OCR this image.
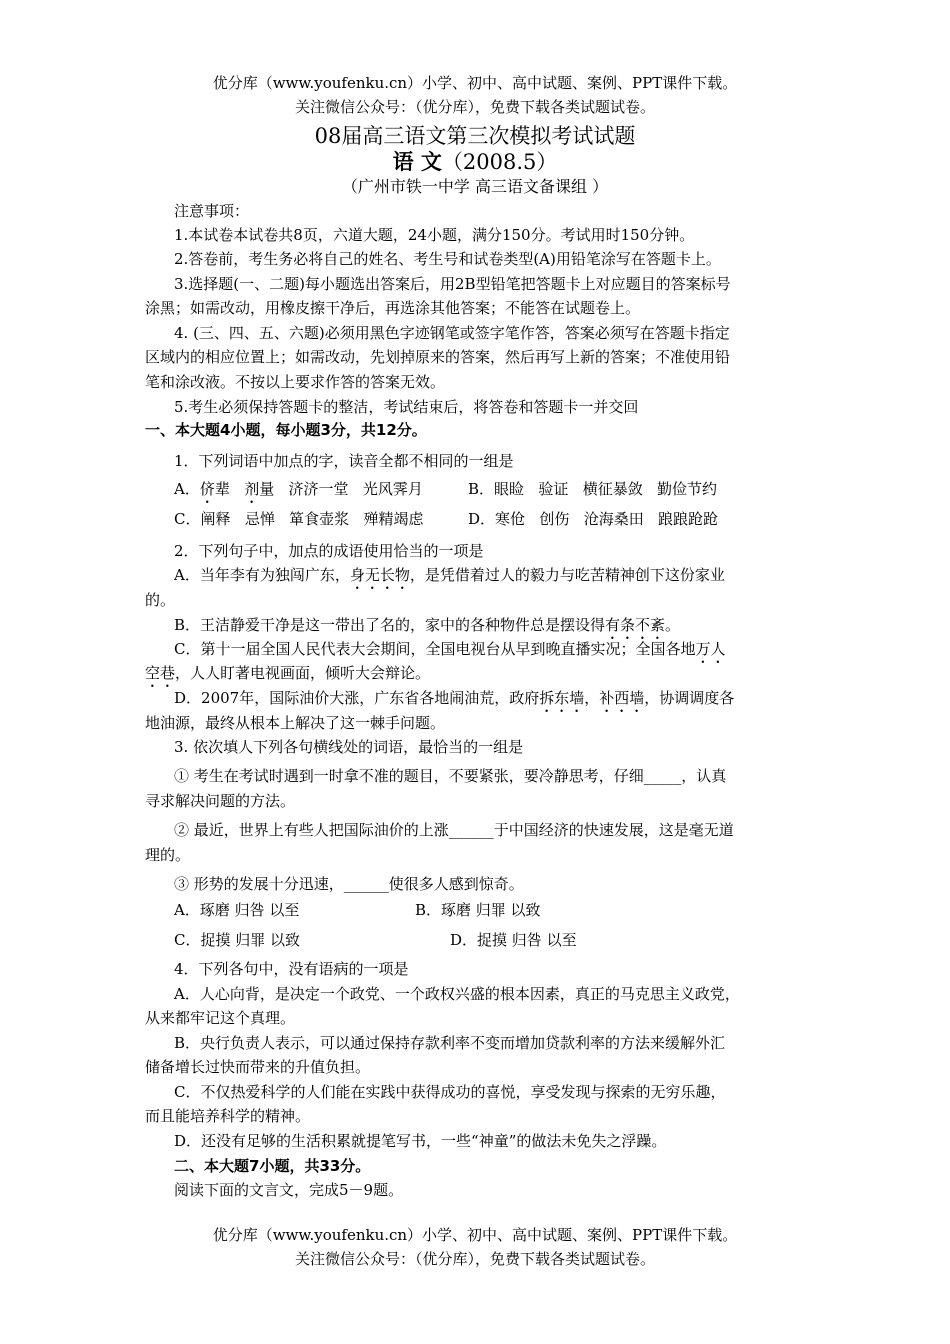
优分库（www.youfenku.cn）小学、初中、高中试题、案例、PPT课件下载。
关注微信公众号：（优分库），免费下载各类试题试卷。
08届高三语文第三次模拟考试试题
语 文（2008.5）
（广州市铁一中学 高三语文备课组 ）
注意事项：
1.本试卷本试卷共8页，六道大题，24小题，满分150分。考试用时150分钟。
2.答卷前，考生务必将自己的姓名、考生号和试卷类型(A)用铅笔涂写在答题卡上。
3.选择题(一、二题)每小题选出答案后，用2B型铅笔把答题卡上对应题目的答案标号
涂黑；如需改动，用橡皮擦干净后，再选涂其他答案；不能答在试题卷上。
4. (三、四、五、六题)必须用黑色字迹钢笔或签字笔作答，答案必须写在答题卡指定
区域内的相应位置上；如需改动，先划掉原来的答案，然后再写上新的答案；不准使用铅
笔和涂改液。不按以上要求作答的答案无效。
5.考生必须保持答题卡的整洁，考试结束后，将答卷和答题卡一并交回
一、本大题4小题，每小题3分，共12分。
1．下列词语中加点的字，读音全都不相同的一组是
A．侪辈 剂量 济济一堂 光风霁月	B．眼睑 验证 横征暴敛 勤俭节约
C．阐释 忌惮 箪食壶浆 殚精竭虑	D．寒伧 创伤 沧海桑田 踉踉跄跄
2．下列句子中，加点的成语使用恰当的一项是
A．当年李有为独闯广东，身无长物，是凭借着过人的毅力与吃苦精神创下这份家业
的。
B．王洁静爱干净是这一带出了名的，家中的各种物件总是摆设得有条不紊。
C．第十一届全国人民代表大会期间，全国电视台从早到晚直播实况；全国各地万人
空巷，人人盯著电视画面，倾听大会辩论。
D．2007年，国际油价大涨，广东省各地闹油荒，政府拆东墙，补西墙，协调调度各
地油源，最终从根本上解决了这一棘手问题。
3. 依次填人下列各句横线处的词语，最恰当的一组是
① 考生在考试时遇到一时拿不准的题目，不要紧张，要冷静思考，仔细_____，认真
寻求解决问题的方法。
② 最近，世界上有些人把国际油价的上涨______于中国经济的快速发展，这是毫无道
理的。
③ 形势的发展十分迅速，______使很多人感到惊奇。
A．琢磨 归咎 以至	B．琢磨 归罪 以致
C．捉摸 归罪 以致	D．捉摸 归咎 以至
4．下列各句中，没有语病的一项是
A．人心向背，是决定一个政党、一个政权兴盛的根本因素，真正的马克思主义政党，
从来都牢记这个真理。
B．央行负责人表示，可以通过保持存款利率不变而增加贷款利率的方法来缓解外汇
储备增长过快而带来的升值负担。
C．不仅热爱科学的人们能在实践中获得成功的喜悦，享受发现与探索的无穷乐趣，
而且能培养科学的精神。
D．还没有足够的生活积累就提笔写书，一些“神童”的做法未免失之浮躁。
二、本大题7小题，共33分。
阅读下面的文言文，完成5－9题。
优分库（www.youfenku.cn）小学、初中、高中试题、案例、PPT课件下载。
关注微信公众号：（优分库），免费下载各类试题试卷。
